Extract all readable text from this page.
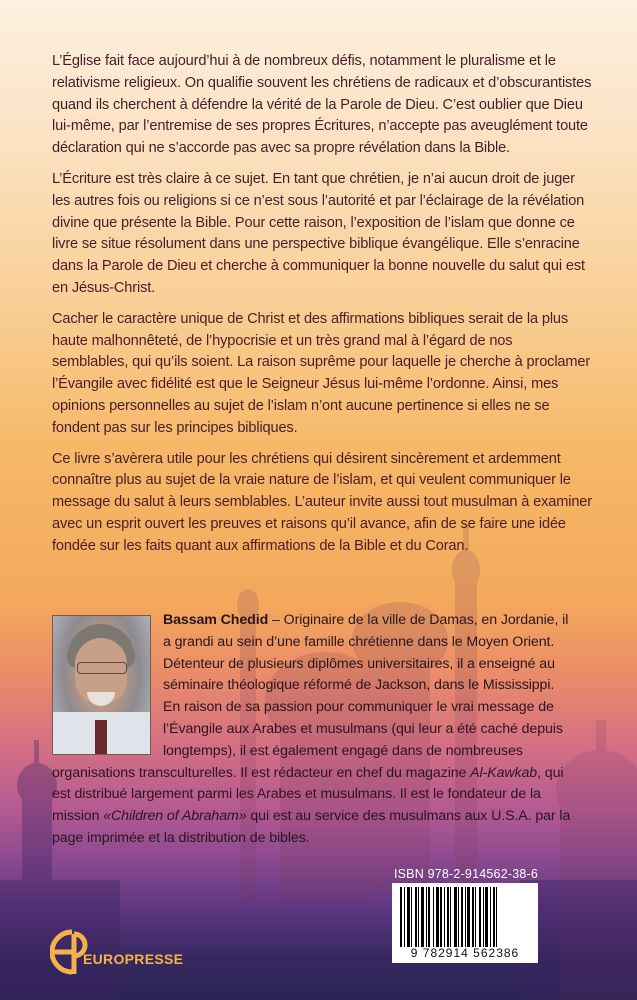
L’Église fait face aujourd’hui à de nombreux défis, notamment le pluralisme et le relativisme religieux. On qualifie souvent les chrétiens de radicaux et d’obscurantistes quand ils cherchent à défendre la vérité de la Parole de Dieu. C’est oublier que Dieu lui-même, par l’entremise de ses propres Écritures, n’accepte pas aveuglément toute déclaration qui ne s’accorde pas avec sa propre révélation dans la Bible.

L’Écriture est très claire à ce sujet. En tant que chrétien, je n’ai aucun droit de juger les autres fois ou religions si ce n’est sous l’autorité et par l’éclairage de la révélation divine que présente la Bible. Pour cette raison, l’exposition de l’islam que donne ce livre se situe résolument dans une perspective biblique évangélique. Elle s’enracine dans la Parole de Dieu et cherche à communiquer la bonne nouvelle du salut qui est en Jésus-Christ.

Cacher le caractère unique de Christ et des affirmations bibliques serait de la plus haute malhonnêteté, de l’hypocrisie et un très grand mal à l’égard de nos semblables, qui qu’ils soient. La raison suprême pour laquelle je cherche à proclamer l’Évangile avec fidélité est que le Seigneur Jésus lui-même l’ordonne. Ainsi, mes opinions personnelles au sujet de l’islam n’ont aucune pertinence si elles ne se fondent pas sur les principes bibliques.

Ce livre s’avèrera utile pour les chrétiens qui désirent sincèrement et ardemment connaître plus au sujet de la vraie nature de l’islam, et qui veulent communiquer le message du salut à leurs semblables. L’auteur invite aussi tout musulman à examiner avec un esprit ouvert les preuves et raisons qu’il avance, afin de se faire une idée fondée sur les faits quant aux affirmations de la Bible et du Coran.

Bassam Chedid – Originaire de la ville de Damas, en Jordanie, il a grandi au sein d’une famille chrétienne dans le Moyen Orient. Détenteur de plusieurs diplômes universitaires, il a enseigné au séminaire théologique réformé de Jackson, dans le Mississippi. En raison de sa passion pour communiquer le vrai message de l’Évangile aux Arabes et musulmans (qui leur a été caché depuis longtemps), il est également engagé dans de nombreuses organisations transculturelles. Il est rédacteur en chef du magazine Al-Kawkab, qui est distribué largement parmi les Arabes et musulmans. Il est le fondateur de la mission «Children of Abraham» qui est au service des musulmans aux U.S.A. par la page imprimée et la distribution de bibles.
ISBN 978-2-914562-38-6
9 782914 562386
EUROPRESSE
